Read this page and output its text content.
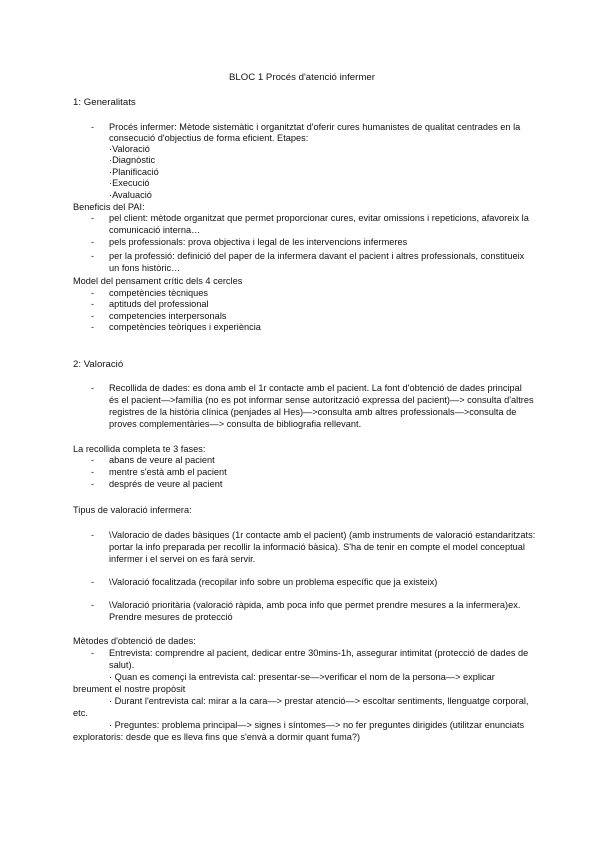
BLOC 1 Procés d'atenció infermer
1: Generalitats
- Procés infermer: Mètode sistemàtic i organitztat d'oferir cures humanistes de qualitat centrades en la
consecució d'objectius de forma eficient. Etapes:
·Valoració
·Diagnòstic
·Planificació
·Execució
·Avaluació
Beneficis del PAI:
- pel client: mètode organitzat que permet proporcionar cures, evitar omissions i repeticions, afavoreix la
comunicació interna…
- pels professionals: prova objectiva i legal de les intervencions infermeres
- per la professió: definició del paper de la infermera davant el pacient i altres professionals, constitueix
un fons històric…
Model del pensament crític dels 4 cercles
- competències tècniques
- aptituds del professional
- competencies interpersonals
- competències teòriques i experiència
2: Valoració
- Recollida de dades: es dona amb el 1r contacte amb el pacient. La font d'obtenció de dades principal
és el pacient—>família (no es pot informar sense autorització expressa del pacient)—> consulta d'altres
registres de la història clínica (penjades al Hes)—>consulta amb altres professionals—>consulta de
proves complementàries—> consulta de bibliografia rellevant.
La recollida completa te 3 fases:
- abans de veure al pacient
- mentre s'està amb el pacient
- després de veure al pacient
Tipus de valoració infermera:
- \Valoracio de dades bàsiques (1r contacte amb el pacient) (amb instruments de valoració estandaritzats:
portar la info preparada per recollir la informació bàsica). S'ha de tenir en compte el model conceptual
infermer i el servei on es farà servir.
- \Valoració focalitzada (recopilar info sobre un problema específic que ja existeix)
- \Valoració prioritària (valoració ràpida, amb poca info que permet prendre mesures a la infermera)ex.
Prendre mesures de protecció
Mètodes d'obtenció de dades:
- Entrevista: comprendre al pacient, dedicar entre 30mins-1h, assegurar intimitat (protecció de dades de
salut).
· Quan es començi la entrevista cal: presentar-se—>verificar el nom de la persona—> explicar
breument el nostre propòsit
· Durant l'entrevista cal: mirar a la cara—> prestar atenció—> escoltar sentiments, llenguatge corporal,
etc.
· Preguntes: problema principal—> signes i síntomes—> no fer preguntes dirigides (utilitzar enunciats
exploratoris: desde que es lleva fins que s'envà a dormir quant fuma?)
